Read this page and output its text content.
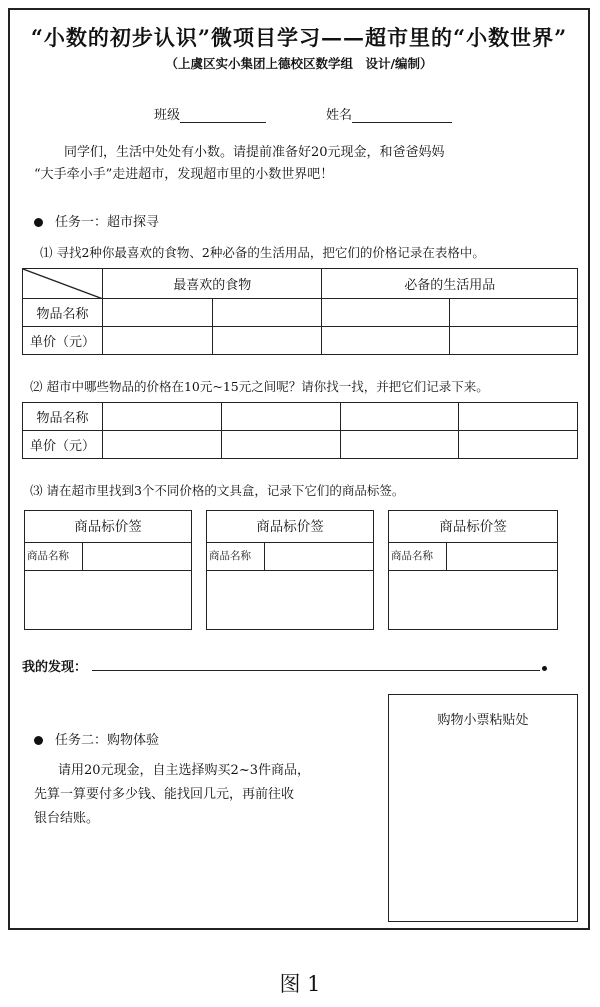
“小数的初步认识”微项目学习——超市里的“小数世界”
（上虞区实小集团上德校区数学组　设计/编制）
班级	姓名
同学们，生活中处处有小数。请提前准备好20元现金，和爸爸妈妈
“大手牵小手”走进超市，发现超市里的小数世界吧！
任务一：超市探寻
⑴ 寻找2种你最喜欢的食物、2种必备的生活用品，把它们的价格记录在表格中。
	最喜欢的食物		必备的生活用品	
物品名称				
单价（元）				
⑵ 超市中哪些物品的价格在10元~15元之间呢？请你找一找，并把它们记录下来。
物品名称				
单价（元）				
⑶ 请在超市里找到3个不同价格的文具盒，记录下它们的商品标签。
商品标价签
商品名称
商品标价签
商品名称
商品标价签
商品名称
我的发现：
购物小票粘贴处
任务二：购物体验
请用20元现金，自主选择购买2~3件商品，
先算一算要付多少钱、能找回几元，再前往收
银台结账。
图 1
